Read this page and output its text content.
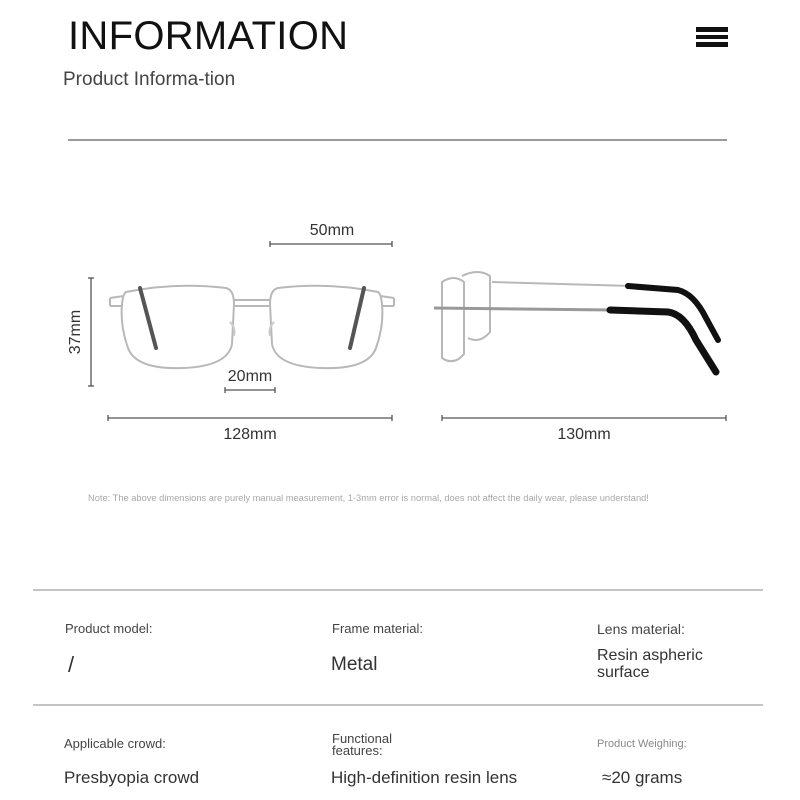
INFORMATION
Product Informa-tion
50mm
37mm
20mm
128mm	130mm
Note: The above dimensions are purely manual measurement, 1-3mm error is normal, does not affect the daily wear, please understand!
Product model:
/
Frame material:
Metal
Lens material:
Resin aspheric surface
Applicable crowd:
Presbyopia crowd
Functional features:
High-definition resin lens
Product Weighing:
≈20 grams
